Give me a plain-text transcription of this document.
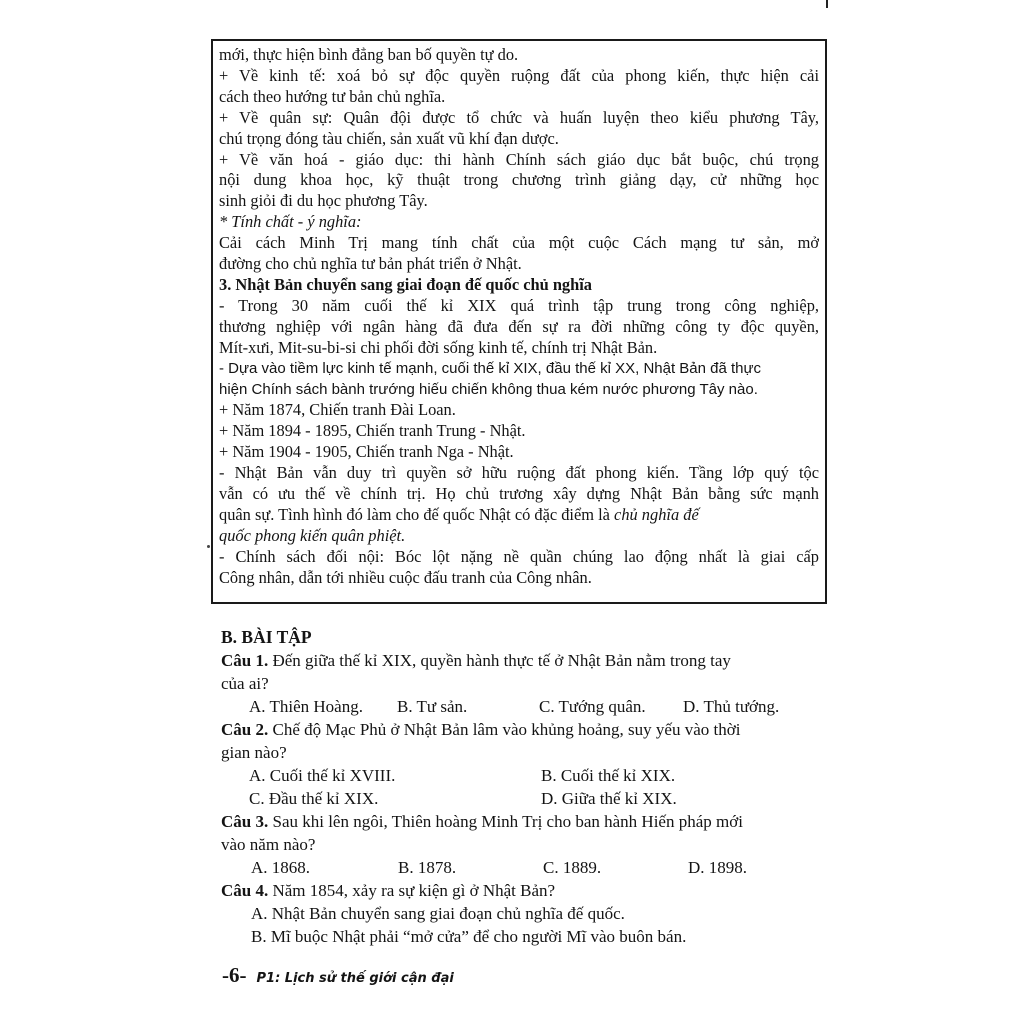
mới, thực hiện bình đẳng ban bố quyền tự do.
+ Về kinh tế: xoá bỏ sự độc quyền ruộng đất của phong kiến, thực hiện cải
cách theo hướng tư bản chủ nghĩa.
+ Về quân sự: Quân đội được tổ chức và huấn luyện theo kiểu phương Tây,
chú trọng đóng tàu chiến, sản xuất vũ khí đạn dược.
+ Về văn hoá - giáo dục: thi hành Chính sách giáo dục bắt buộc, chú trọng
nội dung khoa học, kỹ thuật trong chương trình giảng dạy, cử những học
sinh giỏi đi du học phương Tây.
* Tính chất - ý nghĩa:
Cải cách Minh Trị mang tính chất của một cuộc Cách mạng tư sản, mở
đường cho chủ nghĩa tư bản phát triển ở Nhật.
3. Nhật Bản chuyển sang giai đoạn đế quốc chủ nghĩa
- Trong 30 năm cuối thế kỉ XIX quá trình tập trung trong công nghiệp,
thương nghiệp với ngân hàng đã đưa đến sự ra đời những công ty độc quyền,
Mít-xưi, Mit-su-bi-si chi phối đời sống kinh tế, chính trị Nhật Bản.
- Dựa vào tiềm lực kinh tế mạnh, cuối thế kỉ XIX, đầu thế kỉ XX, Nhật Bản đã thực
hiện Chính sách bành trướng hiếu chiến không thua kém nước phương Tây nào.
+ Năm 1874, Chiến tranh Đài Loan.
+ Năm 1894 - 1895, Chiến tranh Trung - Nhật.
+ Năm 1904 - 1905, Chiến tranh Nga - Nhật.
- Nhật Bản vẫn duy trì quyền sở hữu ruộng đất phong kiến. Tầng lớp quý tộc
vẫn có ưu thế về chính trị. Họ chủ trương xây dựng Nhật Bản bằng sức mạnh
quân sự. Tình hình đó làm cho đế quốc Nhật có đặc điểm là chủ nghĩa đế
quốc phong kiến quân phiệt.
- Chính sách đối nội: Bóc lột nặng nề quần chúng lao động nhất là giai cấp
Công nhân, dẫn tới nhiều cuộc đấu tranh của Công nhân.
B. BÀI TẬP
Câu 1. Đến giữa thế kỉ XIX, quyền hành thực tế ở Nhật Bản nằm trong tay
của ai?
A. Thiên Hoàng. B. Tư sản.	C. Tướng quân. D. Thủ tướng.
Câu 2. Chế độ Mạc Phủ ở Nhật Bản lâm vào khủng hoảng, suy yếu vào thời
gian nào?
A. Cuối thế kỉ XVIII.	B. Cuối thế kỉ XIX.
C. Đầu thế kỉ XIX.	D. Giữa thế kỉ XIX.
Câu 3. Sau khi lên ngôi, Thiên hoàng Minh Trị cho ban hành Hiến pháp mới
vào năm nào?
A. 1868.	B. 1878.	C. 1889.	D. 1898.
Câu 4. Năm 1854, xảy ra sự kiện gì ở Nhật Bản?
A. Nhật Bản chuyển sang giai đoạn chủ nghĩa đế quốc.
B. Mĩ buộc Nhật phải “mở cửa” để cho người Mĩ vào buôn bán.
-6- P1: Lịch sử thế giới cận đại
